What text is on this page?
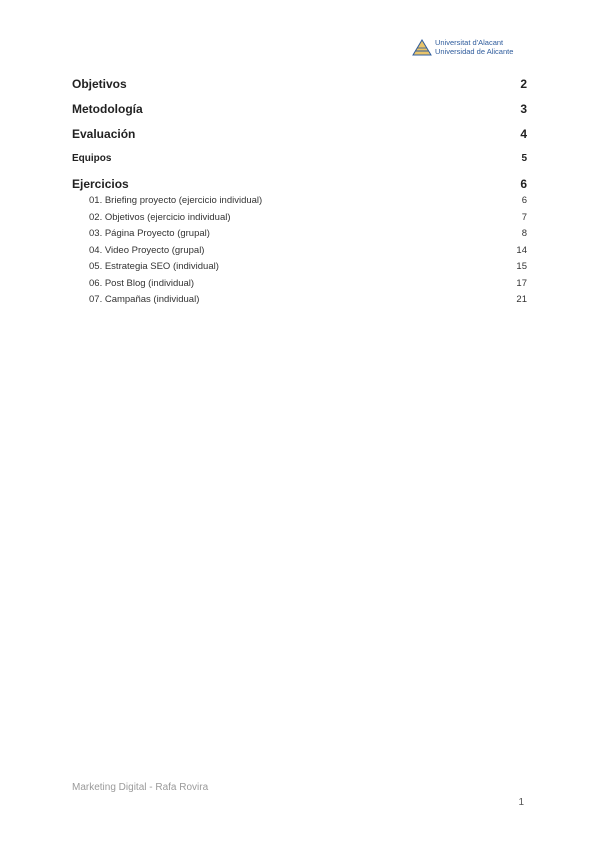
Universitat d'Alacant
Universidad de Alicante
Objetivos	2
Metodología	3
Evaluación	4
Equipos	5
Ejercicios	6
01. Briefing proyecto (ejercicio individual)	6
02. Objetivos (ejercicio individual)	7
03. Página Proyecto (grupal)	8
04. Video Proyecto (grupal)	14
05. Estrategia SEO (individual)	15
06. Post Blog (individual)	17
07. Campañas (individual)	21
Marketing Digital - Rafa Rovira
1
